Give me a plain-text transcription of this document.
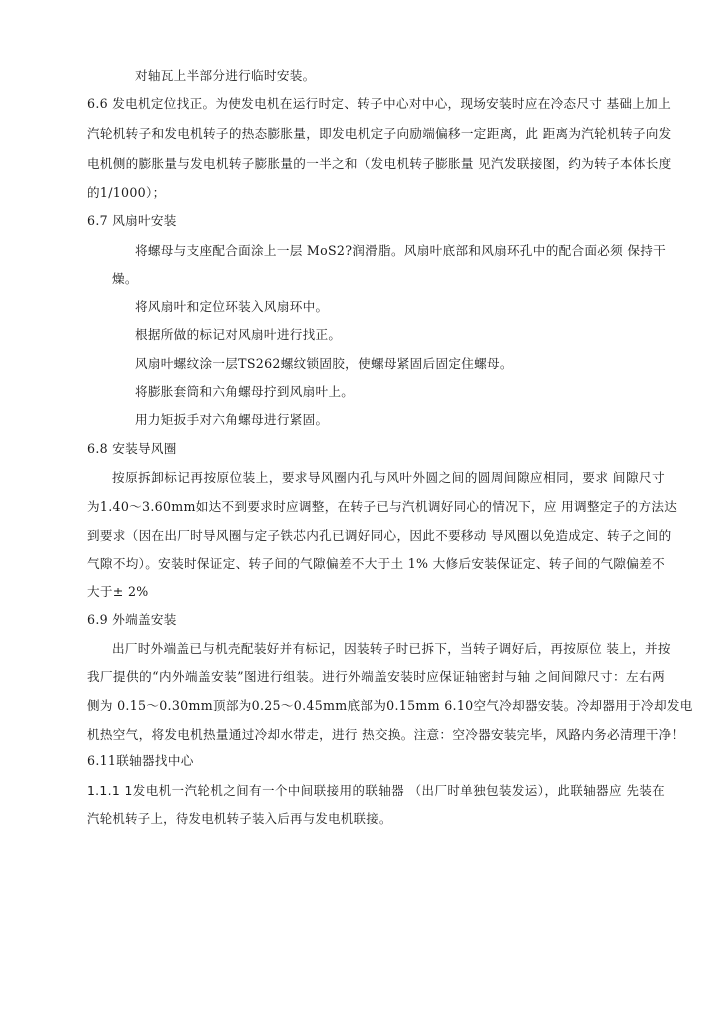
对轴瓦上半部分进行临时安装。
6.6 发电机定位找正。为使发电机在运行时定、转子中心对中心，现场安装时应在冷态尺寸 基础上加上
汽轮机转子和发电机转子的热态膨胀量，即发电机定子向励端偏移一定距离，此 距离为汽轮机转子向发
电机侧的膨胀量与发电机转子膨胀量的一半之和（发电机转子膨胀量 见汽发联接图，约为转子本体长度
的1/1000）；
6.7 风扇叶安装
将螺母与支座配合面涂上一层 MoS2?润滑脂。风扇叶底部和风扇环孔中的配合面必须 保持干
燥。
将风扇叶和定位环装入风扇环中。
根据所做的标记对风扇叶进行找正。
风扇叶螺纹涂一层TS262螺纹锁固胶，使螺母紧固后固定住螺母。
将膨胀套筒和六角螺母拧到风扇叶上。
用力矩扳手对六角螺母进行紧固。
6.8 安装导风圈
按原拆卸标记再按原位装上，要求导风圈内孔与风叶外圆之间的圆周间隙应相同，要求 间隙尺寸
为1.40～3.60mm如达不到要求时应调整，在转子已与汽机调好同心的情况下，应 用调整定子的方法达
到要求（因在出厂时导风圈与定子铁芯内孔已调好同心，因此不要移动 导风圈以免造成定、转子之间的
气隙不均）。安装时保证定、转子间的气隙偏差不大于土 1% 大修后安装保证定、转子间的气隙偏差不
大于± 2%
6.9 外端盖安装
出厂时外端盖已与机壳配装好并有标记，因装转子时已拆下，当转子调好后，再按原位 装上，并按
我厂提供的“内外端盖安装”图进行组装。进行外端盖安装时应保证轴密封与轴 之间间隙尺寸：左右两
侧为 0.15～0.30mm顶部为0.25～0.45mm底部为0.15mm 6.10空气冷却器安装。冷却器用于冷却发电
机热空气，将发电机热量通过冷却水带走，进行 热交换。注意：空冷器安装完毕，风路内务必清理干净！
6.11联轴器找中心
1.1.1 1发电机一汽轮机之间有一个中间联接用的联轴器 （出厂时单独包装发运），此联轴器应 先装在
汽轮机转子上，待发电机转子装入后再与发电机联接。
